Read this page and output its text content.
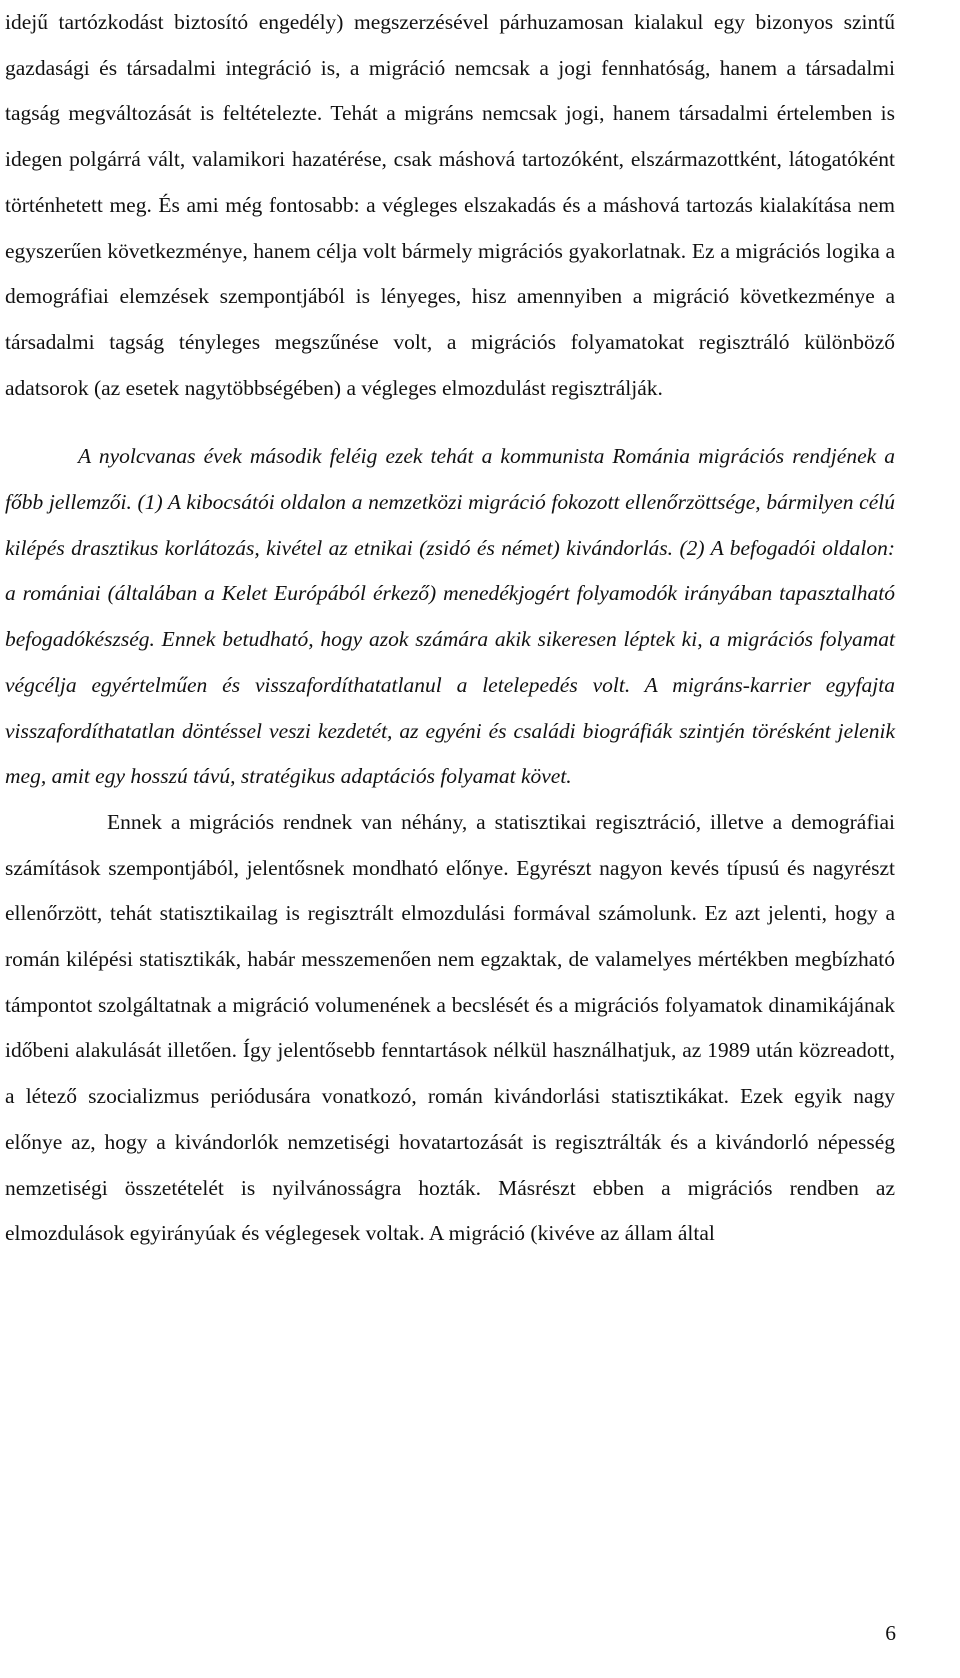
idejű tartózkodást biztosító engedély) megszerzésével párhuzamosan kialakul egy bizonyos szintű gazdasági és társadalmi integráció is, a migráció nemcsak a jogi fennhatóság, hanem a társadalmi tagság megváltozását is feltételezte. Tehát a migráns nemcsak jogi, hanem társadalmi értelemben is idegen polgárrá vált, valamikori hazatérése, csak máshová tartozóként, elszármazottként, látogatóként történhetett meg. És ami még fontosabb: a végleges elszakadás és a máshová tartozás kialakítása nem egyszerűen következménye, hanem célja volt bármely migrációs gyakorlatnak. Ez a migrációs logika a demográfiai elemzések szempontjából is lényeges, hisz amennyiben a migráció következménye a társadalmi tagság tényleges megszűnése volt, a migrációs folyamatokat regisztráló különböző adatsorok (az esetek nagytöbbségében) a végleges elmozdulást regisztrálják.

A nyolcvanas évek második feléig ezek tehát a kommunista Románia migrációs rendjének a főbb jellemzői. (1) A kibocsátói oldalon a nemzetközi migráció fokozott ellenőrzöttsége, bármilyen célú kilépés drasztikus korlátozás, kivétel az etnikai (zsidó és német) kivándorlás. (2) A befogadói oldalon: a romániai (általában a Kelet Európából érkező) menedékjogért folyamodók irányában tapasztalható befogadókészség. Ennek betudható, hogy azok számára akik sikeresen léptek ki, a migrációs folyamat végcélja egyértelműen és visszafordíthatatlanul a letelepedés volt. A migráns-karrier egyfajta visszafordíthatatlan döntéssel veszi kezdetét, az egyéni és családi biográfiák szintjén törésként jelenik meg, amit egy hosszú távú, stratégikus adaptációs folyamat követ.

Ennek a migrációs rendnek van néhány, a statisztikai regisztráció, illetve a demográfiai számítások szempontjából, jelentősnek mondható előnye. Egyrészt nagyon kevés típusú és nagyrészt ellenőrzött, tehát statisztikailag is regisztrált elmozdulási formával számolunk. Ez azt jelenti, hogy a román kilépési statisztikák, habár messzemenően nem egzaktak, de valamelyes mértékben megbízható támpontot szolgáltatnak a migráció volumenének a becslését és a migrációs folyamatok dinamikájának időbeni alakulását illetően. Így jelentősebb fenntartások nélkül használhatjuk, az 1989 után közreadott, a létező szocializmus periódusára vonatkozó, román kivándorlási statisztikákat. Ezek egyik nagy előnye az, hogy a kivándorlók nemzetiségi hovatartozását is regisztrálták és a kivándorló népesség nemzetiségi összetételét is nyilvánosságra hozták. Másrészt ebben a migrációs rendben az elmozdulások egyirányúak és véglegesek voltak. A migráció (kivéve az állam által

6
